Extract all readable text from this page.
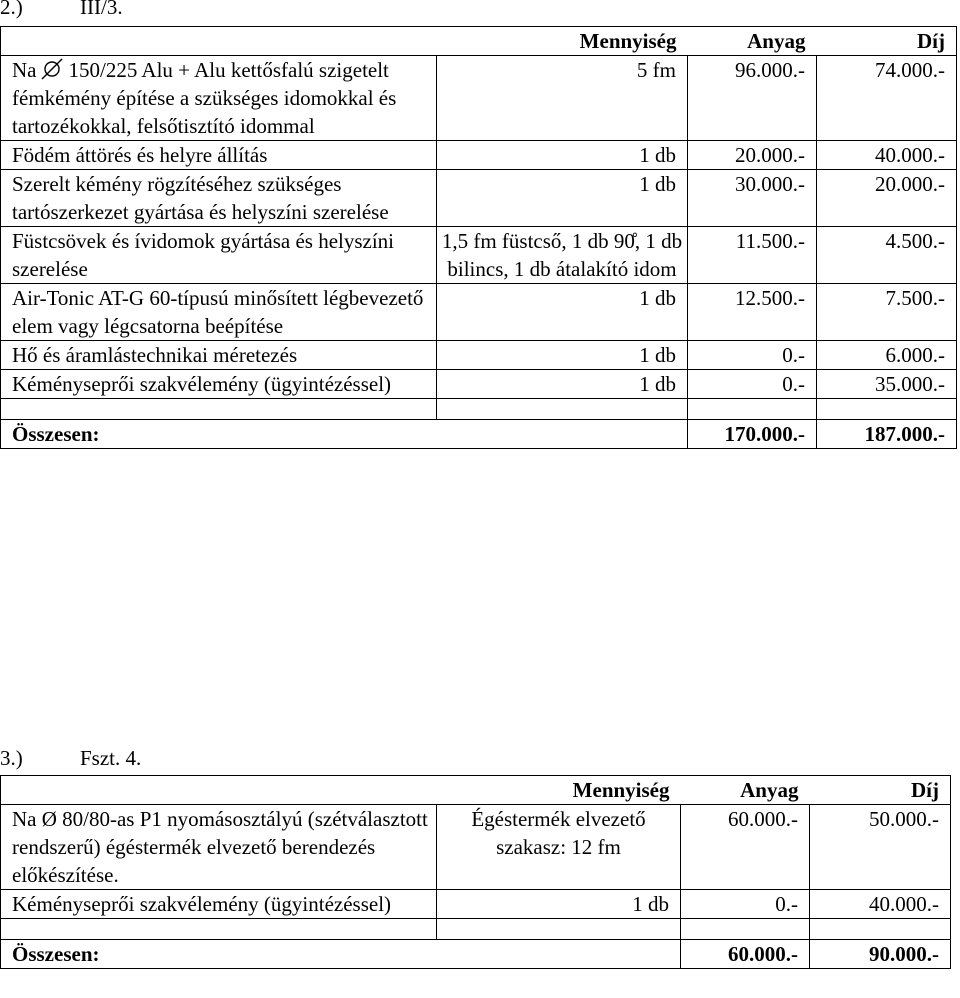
2.)	III/3.
	Mennyiség	Anyag	Díj
Na 150/225 Alu + Alu kettősfalú szigetelt fémkémény építése a szükséges idomokkal és tartozékokkal, felsőtisztító idommal	5 fm	96.000.-	74.000.-
Födém áttörés és helyre állítás	1 db	20.000.-	40.000.-
Szerelt kémény rögzítéséhez szükséges tartószerkezet gyártása és helyszíni szerelése	1 db	30.000.-	20.000.-
Füstcsövek és ívidomok gyártása és helyszíni szerelése	1,5 fm füstcső, 1 db 90̊, 1 db bilincs, 1 db átalakító idom	11.500.-	4.500.-
Air-Tonic AT-G 60-típusú minősített légbevezető elem vagy légcsatorna beépítése	1 db	12.500.-	7.500.-
Hő és áramlástechnikai méretezés	1 db	0.-	6.000.-
Kéményseprői szakvélemény (ügyintézéssel)	1 db	0.-	35.000.-

Összesen:		170.000.-	187.000.-
3.)	Fszt. 4.
	Mennyiség	Anyag	Díj
Na Ø 80/80-as P1 nyomásosztályú (szétválasztott rendszerű) égéstermék elvezető berendezés előkészítése.	Égéstermék elvezető szakasz: 12 fm	60.000.-	50.000.-
Kéményseprői szakvélemény (ügyintézéssel)	1 db	0.-	40.000.-

Összesen:		60.000.-	90.000.-
